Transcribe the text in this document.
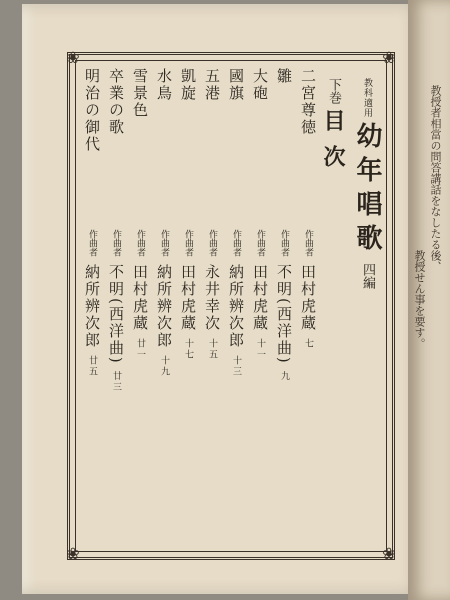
教授者相當の問答講話をなしたる後、
教授せん事を要す。
❀	❀
❀	❀
教科適用 幼年唱歌 四編下巻 目次
二宮尊徳 作曲者 田村虎蔵 七
雛 作曲者 不明(西洋曲) 九
大砲 作曲者 田村虎蔵 十一
國旗 作曲者 納所辨次郎 十三
五港 作曲者 永井幸次 十五
凱旋 作曲者 田村虎蔵 十七
水鳥 作曲者 納所辨次郎 十九
雪景色 作曲者 田村虎蔵 廿一
卒業の歌 作曲者 不明(西洋曲) 廿三
明治の御代 作曲者 納所辨次郎 廿五
